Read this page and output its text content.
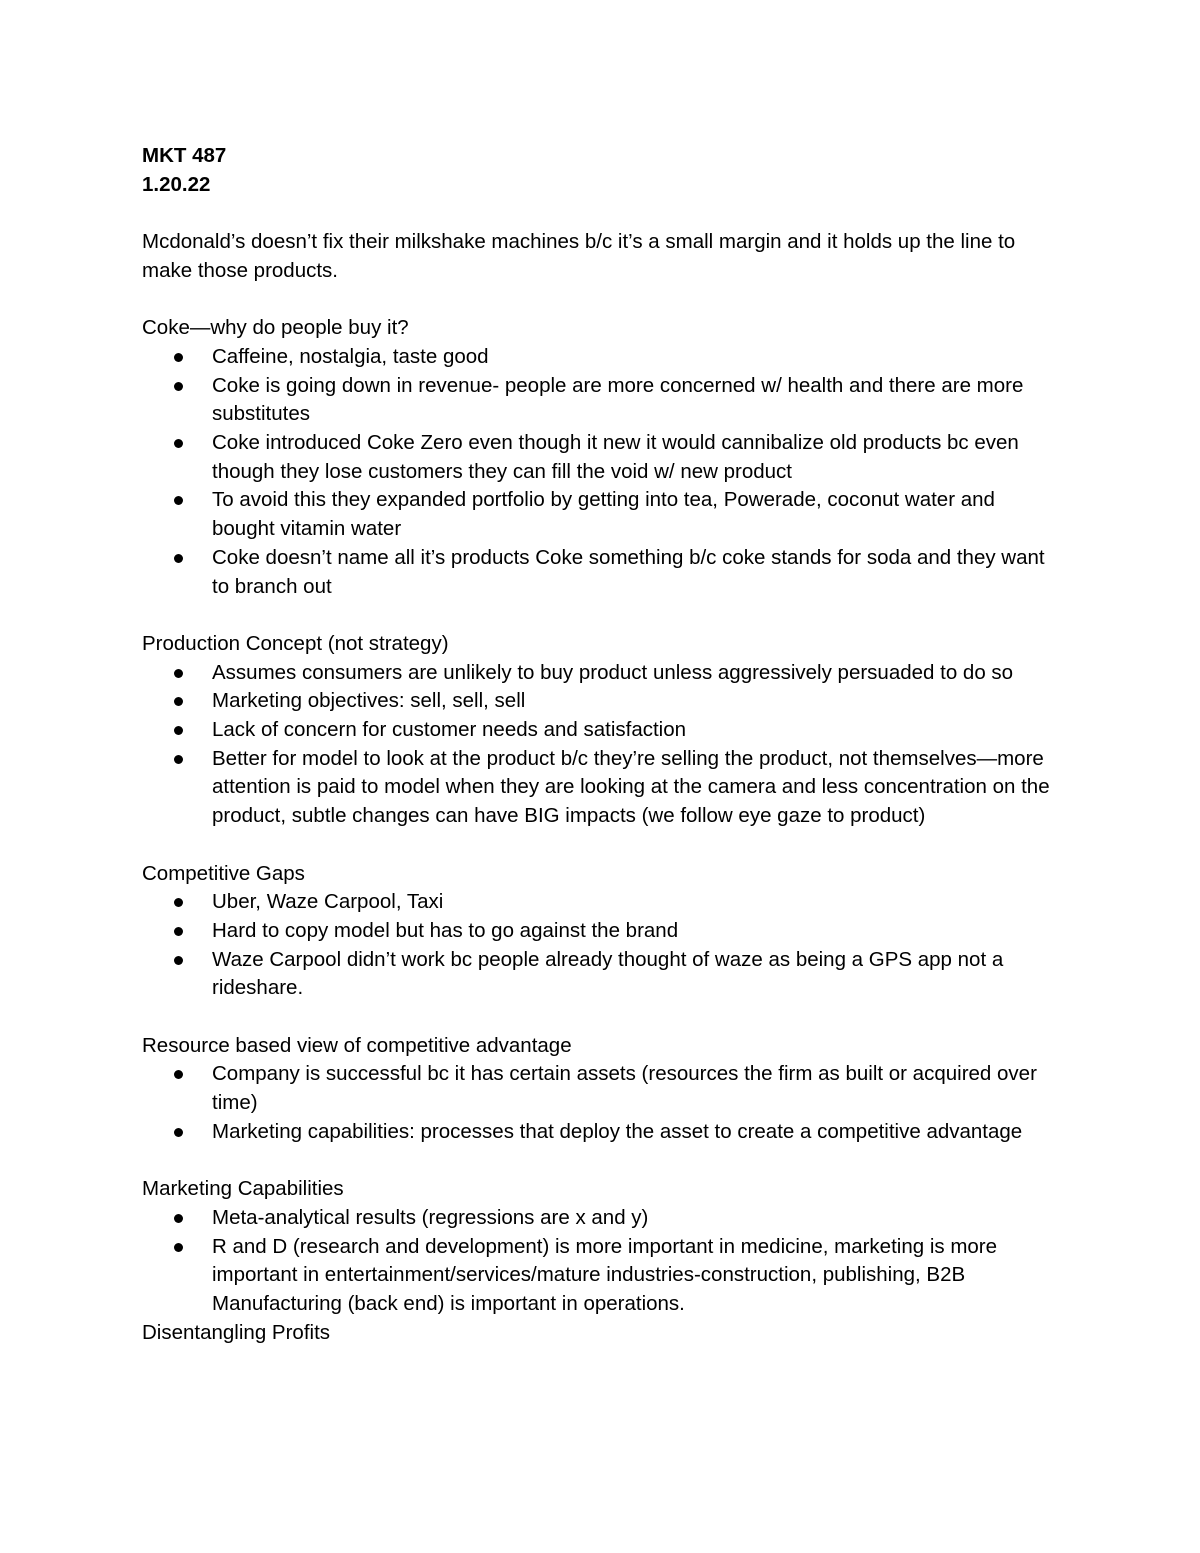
MKT 487
1.20.22
Mcdonald’s doesn’t fix their milkshake machines b/c it’s a small margin and it holds up the line to make those products.
Coke—why do people buy it?
Caffeine, nostalgia, taste good
Coke is going down in revenue- people are more concerned w/ health and there are more substitutes
Coke introduced Coke Zero even though it new it would cannibalize old products bc even though they lose customers they can fill the void w/ new product
To avoid this they expanded portfolio by getting into tea, Powerade, coconut water and bought vitamin water
Coke doesn’t name all it’s products Coke something b/c coke stands for soda and they want to branch out
Production Concept (not strategy)
Assumes consumers are unlikely to buy product unless aggressively persuaded to do so
Marketing objectives: sell, sell, sell
Lack of concern for customer needs and satisfaction
Better for model to look at the product b/c they’re selling the product, not themselves—more attention is paid to model when they are looking at the camera and less concentration on the product, subtle changes can have BIG impacts (we follow eye gaze to product)
Competitive Gaps
Uber, Waze Carpool, Taxi
Hard to copy model but has to go against the brand
Waze Carpool didn’t work bc people already thought of waze as being a GPS app not a rideshare.
Resource based view of competitive advantage
Company is successful bc it has certain assets (resources the firm as built or acquired over time)
Marketing capabilities: processes that deploy the asset to create a competitive advantage
Marketing Capabilities
Meta-analytical results (regressions are x and y)
R and D (research and development) is more important in medicine, marketing is more important in entertainment/services/mature industries-construction, publishing, B2B Manufacturing (back end) is important in operations.
Disentangling Profits
